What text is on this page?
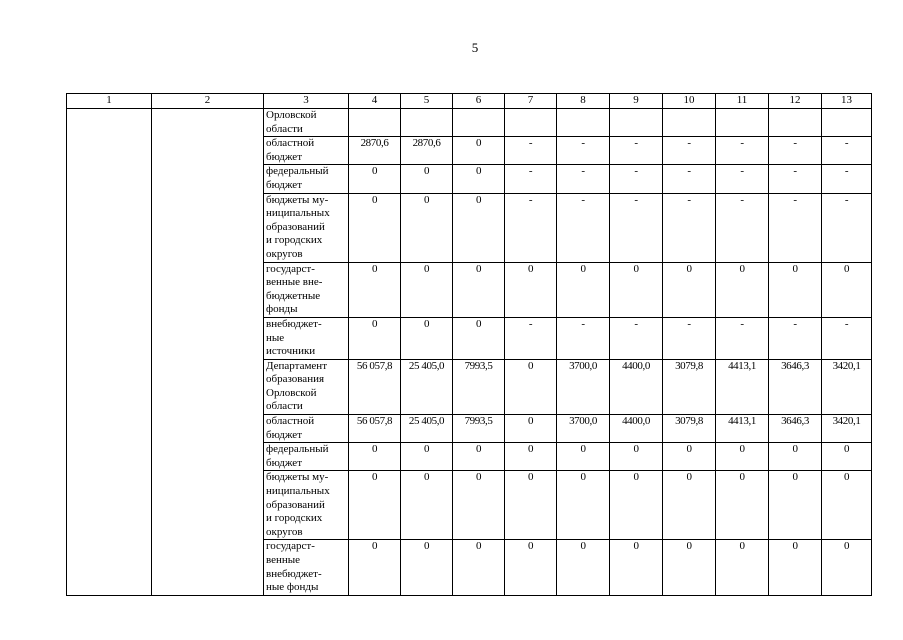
5
1	2	3	4	5	6	7	8	9	10	11	12	13

		Орловской
области										

		областной
бюджет	2870,6	2870,6	0	-	-	-	-	-	-	-

		федеральный
бюджет	0	0	0	-	-	-	-	-	-	-

		бюджеты му-
ниципальных
образований
и городских
округов	0	0	0	-	-	-	-	-	-	-

		государст-
венные вне-
бюджетные
фонды	0	0	0	0	0	0	0	0	0	0

		внебюджет-
ные
источники	0	0	0	-	-	-	-	-	-	-

		Департамент
образования
Орловской
области	56 057,8	25 405,0	7993,5	0	3700,0	4400,0	3079,8	4413,1	3646,3	3420,1

		областной
бюджет	56 057,8	25 405,0	7993,5	0	3700,0	4400,0	3079,8	4413,1	3646,3	3420,1

		федеральный
бюджет	0	0	0	0	0	0	0	0	0	0

		бюджеты му-
ниципальных
образований
и городских
округов	0	0	0	0	0	0	0	0	0	0

		государст-
венные
внебюджет-
ные фонды	0	0	0	0	0	0	0	0	0	0
